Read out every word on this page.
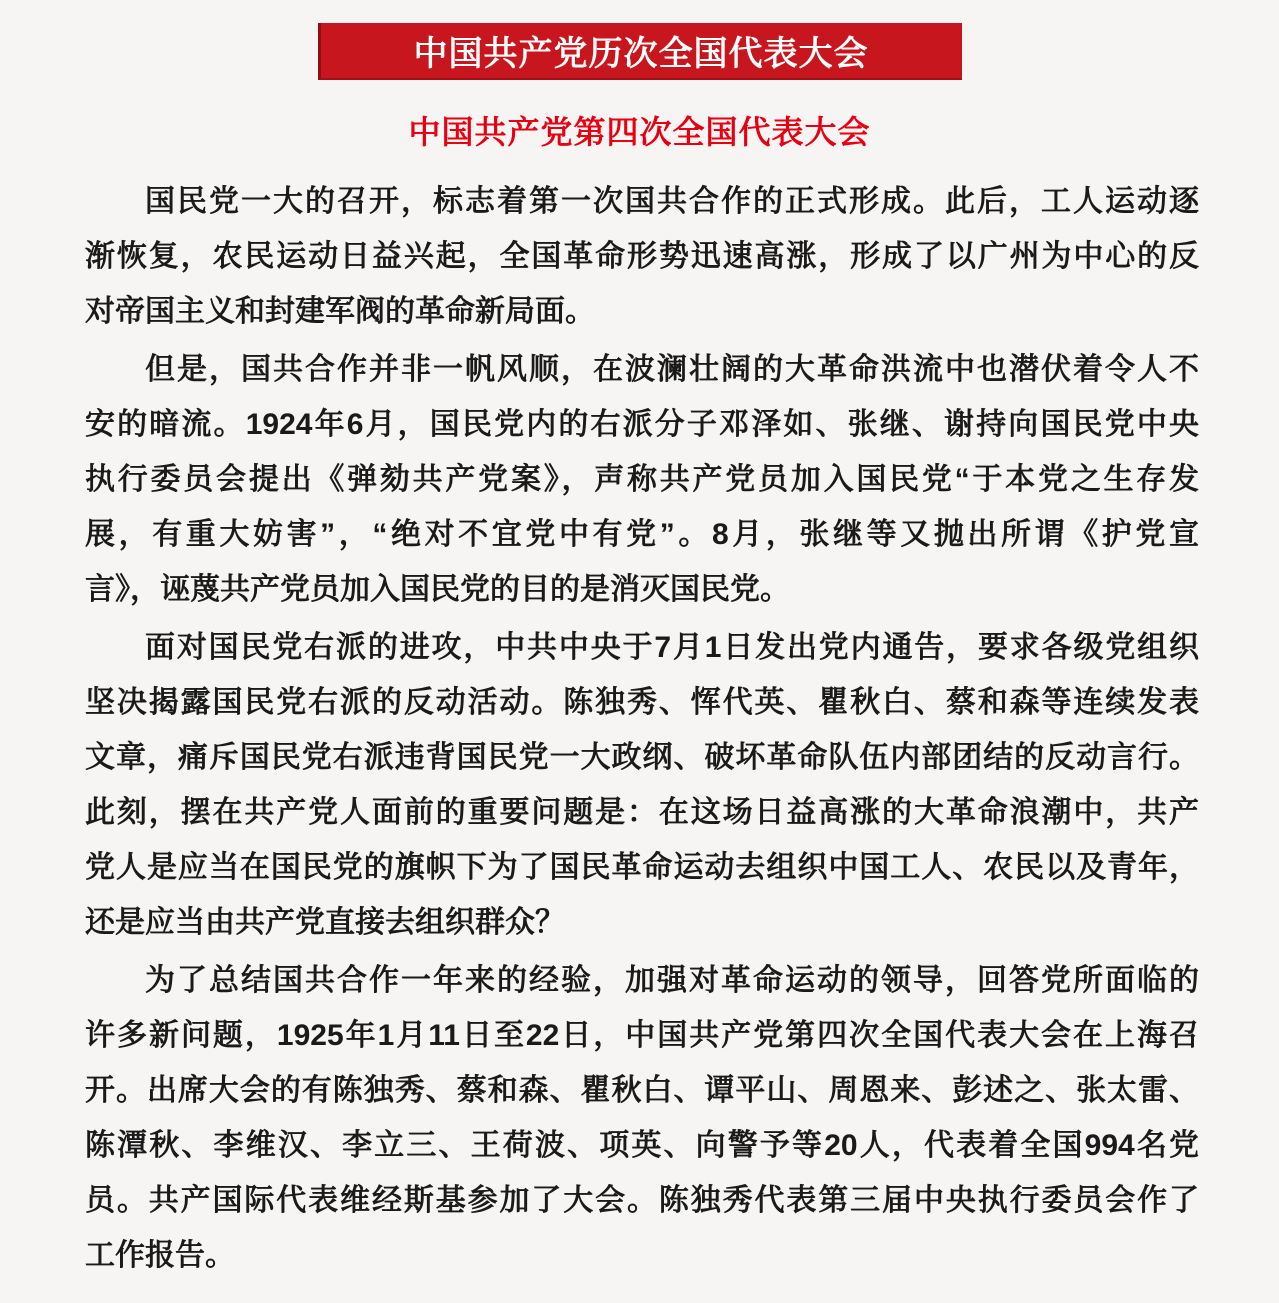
中国共产党历次全国代表大会
中国共产党第四次全国代表大会
国民党一大的召开，标志着第一次国共合作的正式形成。此后，工人运动逐
渐恢复，农民运动日益兴起，全国革命形势迅速高涨，形成了以广州为中心的反
对帝国主义和封建军阀的革命新局面。
但是，国共合作并非一帆风顺，在波澜壮阔的大革命洪流中也潜伏着令人不
安的暗流。1924年6月，国民党内的右派分子邓泽如、张继、谢持向国民党中央
执行委员会提出《弹劾共产党案》，声称共产党员加入国民党“于本党之生存发
展，有重大妨害”，“绝对不宜党中有党”。8月，张继等又抛出所谓《护党宣
言》，诬蔑共产党员加入国民党的目的是消灭国民党。
面对国民党右派的进攻，中共中央于7月1日发出党内通告，要求各级党组织
坚决揭露国民党右派的反动活动。陈独秀、恽代英、瞿秋白、蔡和森等连续发表
文章，痛斥国民党右派违背国民党一大政纲、破坏革命队伍内部团结的反动言行。
此刻，摆在共产党人面前的重要问题是：在这场日益高涨的大革命浪潮中，共产
党人是应当在国民党的旗帜下为了国民革命运动去组织中国工人、农民以及青年，
还是应当由共产党直接去组织群众？
为了总结国共合作一年来的经验，加强对革命运动的领导，回答党所面临的
许多新问题，1925年1月11日至22日，中国共产党第四次全国代表大会在上海召
开。出席大会的有陈独秀、蔡和森、瞿秋白、谭平山、周恩来、彭述之、张太雷、
陈潭秋、李维汉、李立三、王荷波、项英、向警予等20人，代表着全国994名党
员。共产国际代表维经斯基参加了大会。陈独秀代表第三届中央执行委员会作了
工作报告。
